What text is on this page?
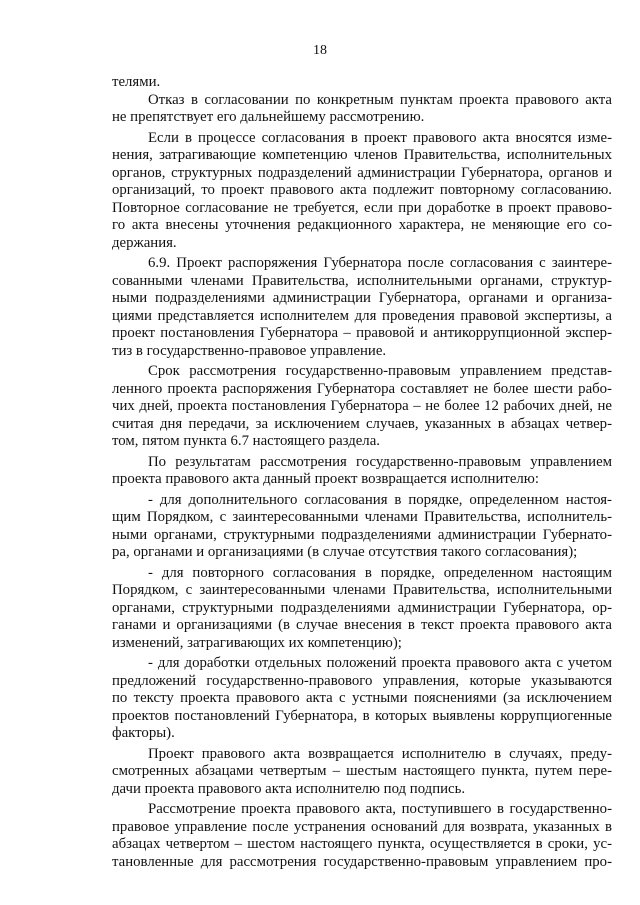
18
телями.
Отказ в согласовании по конкретным пунктам проекта правового акта
не препятствует его дальнейшему рассмотрению.
Если в процессе согласования в проект правового акта вносятся изме-
нения, затрагивающие компетенцию членов Правительства, исполнительных
органов, структурных подразделений администрации Губернатора, органов и
организаций, то проект правового акта подлежит повторному согласованию.
Повторное согласование не требуется, если при доработке в проект правово-
го акта внесены уточнения редакционного характера, не меняющие его со-
держания.
6.9. Проект распоряжения Губернатора после согласования с заинтере-
сованными членами Правительства, исполнительными органами, структур-
ными подразделениями администрации Губернатора, органами и организа-
циями представляется исполнителем для проведения правовой экспертизы, а
проект постановления Губернатора – правовой и антикоррупционной экспер-
тиз в государственно-правовое управление.
Срок рассмотрения государственно-правовым управлением представ-
ленного проекта распоряжения Губернатора составляет не более шести рабо-
чих дней, проекта постановления Губернатора – не более 12 рабочих дней, не
считая дня передачи, за исключением случаев, указанных в абзацах четвер-
том, пятом пункта 6.7 настоящего раздела.
По результатам рассмотрения государственно-правовым управлением
проекта правового акта данный проект возвращается исполнителю:
- для дополнительного согласования в порядке, определенном настоя-
щим Порядком, с заинтересованными членами Правительства, исполнитель-
ными органами, структурными подразделениями администрации Губернато-
ра, органами и организациями (в случае отсутствия такого согласования);
- для повторного согласования в порядке, определенном настоящим
Порядком, с заинтересованными членами Правительства, исполнительными
органами, структурными подразделениями администрации Губернатора, ор-
ганами и организациями (в случае внесения в текст проекта правового акта
изменений, затрагивающих их компетенцию);
- для доработки отдельных положений проекта правового акта с учетом
предложений государственно-правового управления, которые указываются
по тексту проекта правового акта с устными пояснениями (за исключением
проектов постановлений Губернатора, в которых выявлены коррупциогенные
факторы).
Проект правового акта возвращается исполнителю в случаях, преду-
смотренных абзацами четвертым – шестым настоящего пункта, путем пере-
дачи проекта правового акта исполнителю под подпись.
Рассмотрение проекта правового акта, поступившего в государственно-
правовое управление после устранения оснований для возврата, указанных в
абзацах четвертом – шестом настоящего пункта, осуществляется в сроки, ус-
тановленные для рассмотрения государственно-правовым управлением про-
